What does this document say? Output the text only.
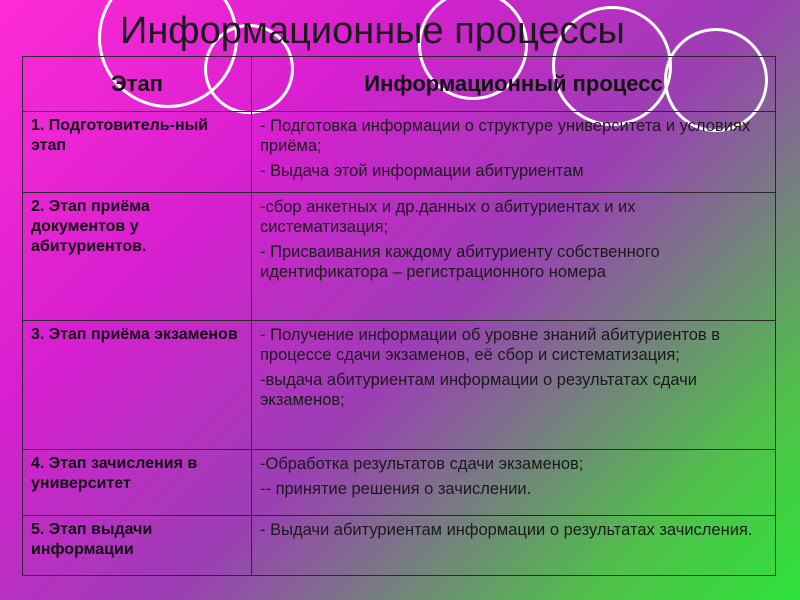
Информационные процессы
Этап	Информационный процесс
1. Подготовитель-ный этап	- Подготовка информации о структуре университета и условиях приёма;

- Выдача этой информации абитуриентам

2. Этап приёма документов у абитуриентов.	-сбор анкетных и др.данных о абитуриентах и их систематизация;

- Присваивания каждому абитуриенту собственного идентификатора – регистрационного номера

3. Этап приёма экзаменов	- Получение информации об уровне знаний абитуриентов в процессе сдачи экзаменов, её сбор и систематизация;

-выдача абитуриентам информации о результатах сдачи экзаменов;

4. Этап зачисления в университет	-Обработка результатов сдачи экзаменов;

-- принятие решения о зачислении.

5. Этап выдачи информации	- Выдачи абитуриентам информации о результатах зачисления.
